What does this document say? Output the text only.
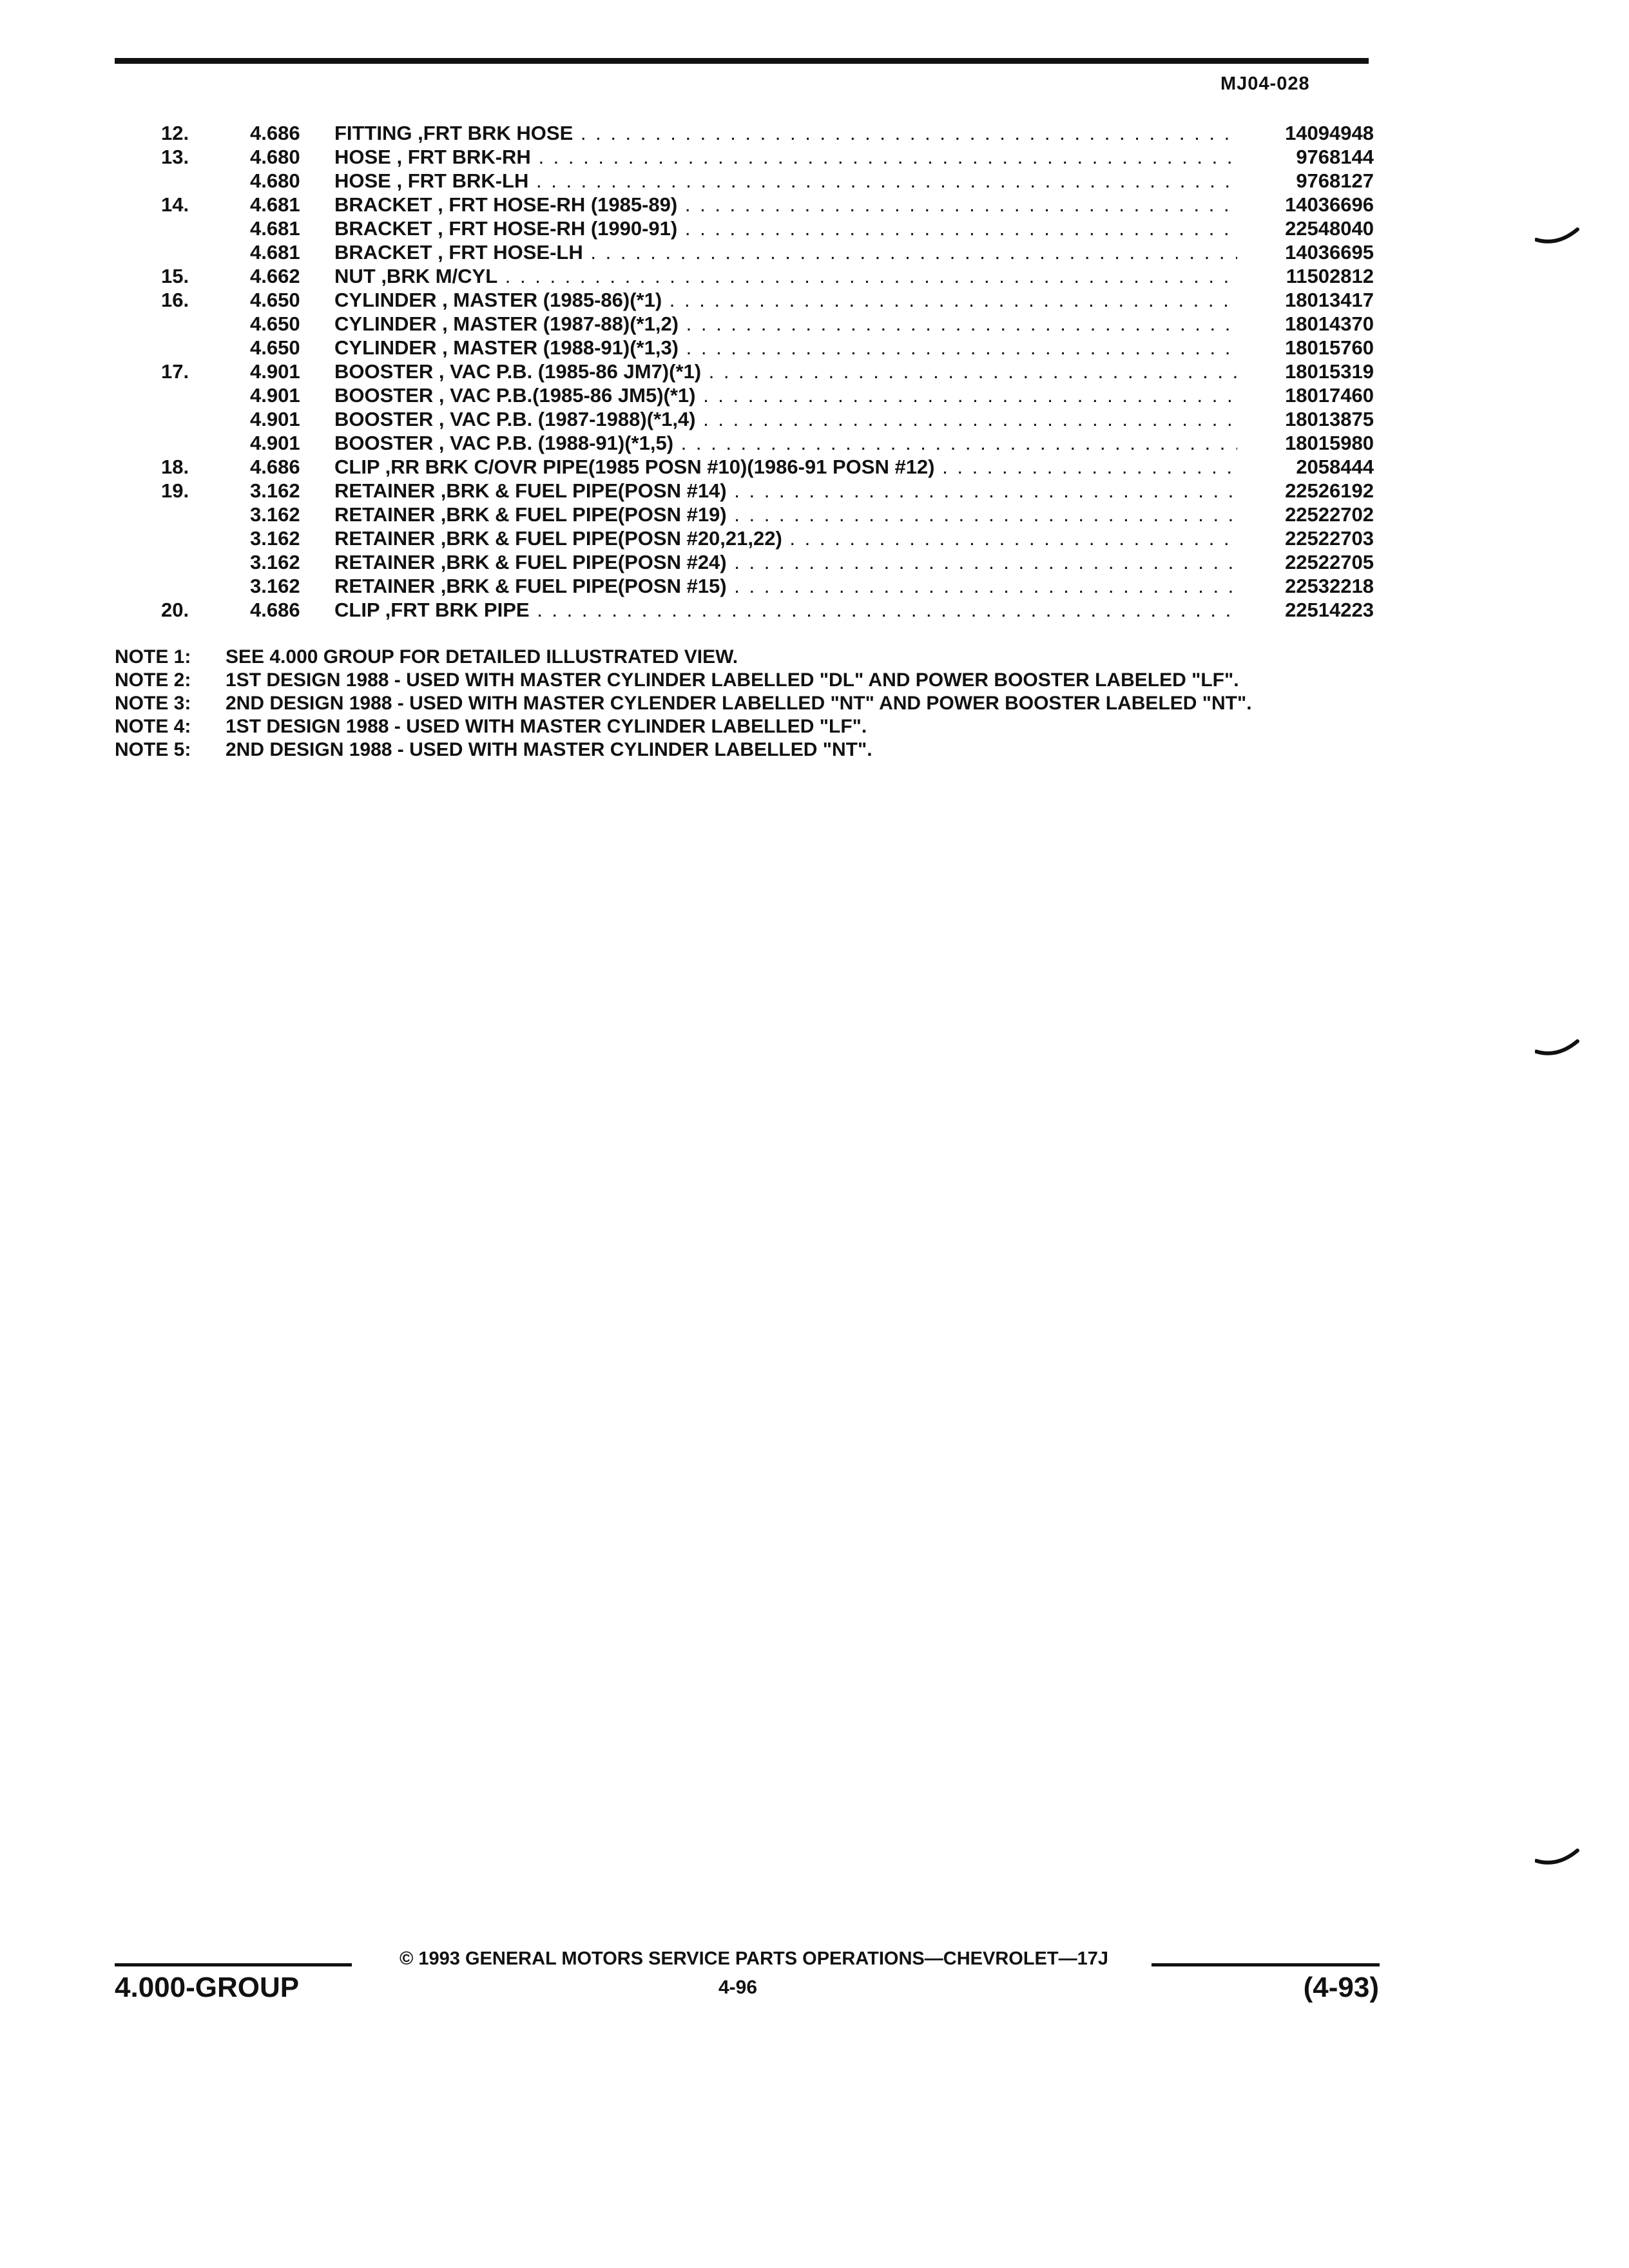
MJ04-028
12.	4.686 FITTING ,FRT BRK HOSE . . .	14094948
13.	4.680 HOSE , FRT BRK-RH . . .	9768144
4.680 HOSE , FRT BRK-LH . . .	9768127
14.	4.681 BRACKET , FRT HOSE-RH (1985-89) . . .	14036696
4.681 BRACKET , FRT HOSE-RH (1990-91) . . .	22548040
4.681 BRACKET , FRT HOSE-LH . . .	14036695
15.	4.662 NUT ,BRK M/CYL . . .	11502812
16.	4.650 CYLINDER , MASTER (1985-86)(*1) . . .	18013417
4.650 CYLINDER , MASTER (1987-88)(*1,2) . . .	18014370
4.650 CYLINDER , MASTER (1988-91)(*1,3) . . .	18015760
17.	4.901 BOOSTER , VAC P.B. (1985-86 JM7)(*1) . . .	18015319
4.901 BOOSTER , VAC P.B.(1985-86 JM5)(*1) . . .	18017460
4.901 BOOSTER , VAC P.B. (1987-1988)(*1,4) . . .	18013875
4.901 BOOSTER , VAC P.B. (1988-91)(*1,5) . . .	18015980
18.	4.686 CLIP ,RR BRK C/OVR PIPE(1985 POSN #10)(1986-91 POSN #12) . . .	2058444
19.	3.162 RETAINER ,BRK & FUEL PIPE(POSN #14) . . .	22526192
3.162 RETAINER ,BRK & FUEL PIPE(POSN #19) . . .	22522702
3.162 RETAINER ,BRK & FUEL PIPE(POSN #20,21,22) . . .	22522703
3.162 RETAINER ,BRK & FUEL PIPE(POSN #24) . . .	22522705
3.162 RETAINER ,BRK & FUEL PIPE(POSN #15) . . .	22532218
20.	4.686 CLIP ,FRT BRK PIPE . . .	22514223
NOTE 1: SEE 4.000 GROUP FOR DETAILED ILLUSTRATED VIEW.
NOTE 2: 1ST DESIGN 1988 - USED WITH MASTER CYLINDER LABELLED "DL" AND POWER BOOSTER LABELED "LF".
NOTE 3: 2ND DESIGN 1988 - USED WITH MASTER CYLENDER LABELLED "NT" AND POWER BOOSTER LABELED "NT".
NOTE 4: 1ST DESIGN 1988 - USED WITH MASTER CYLINDER LABELLED "LF".
NOTE 5: 2ND DESIGN 1988 - USED WITH MASTER CYLINDER LABELLED "NT".
© 1993 GENERAL MOTORS SERVICE PARTS OPERATIONS—CHEVROLET—17J
4.000-GROUP	4-96	(4-93)
